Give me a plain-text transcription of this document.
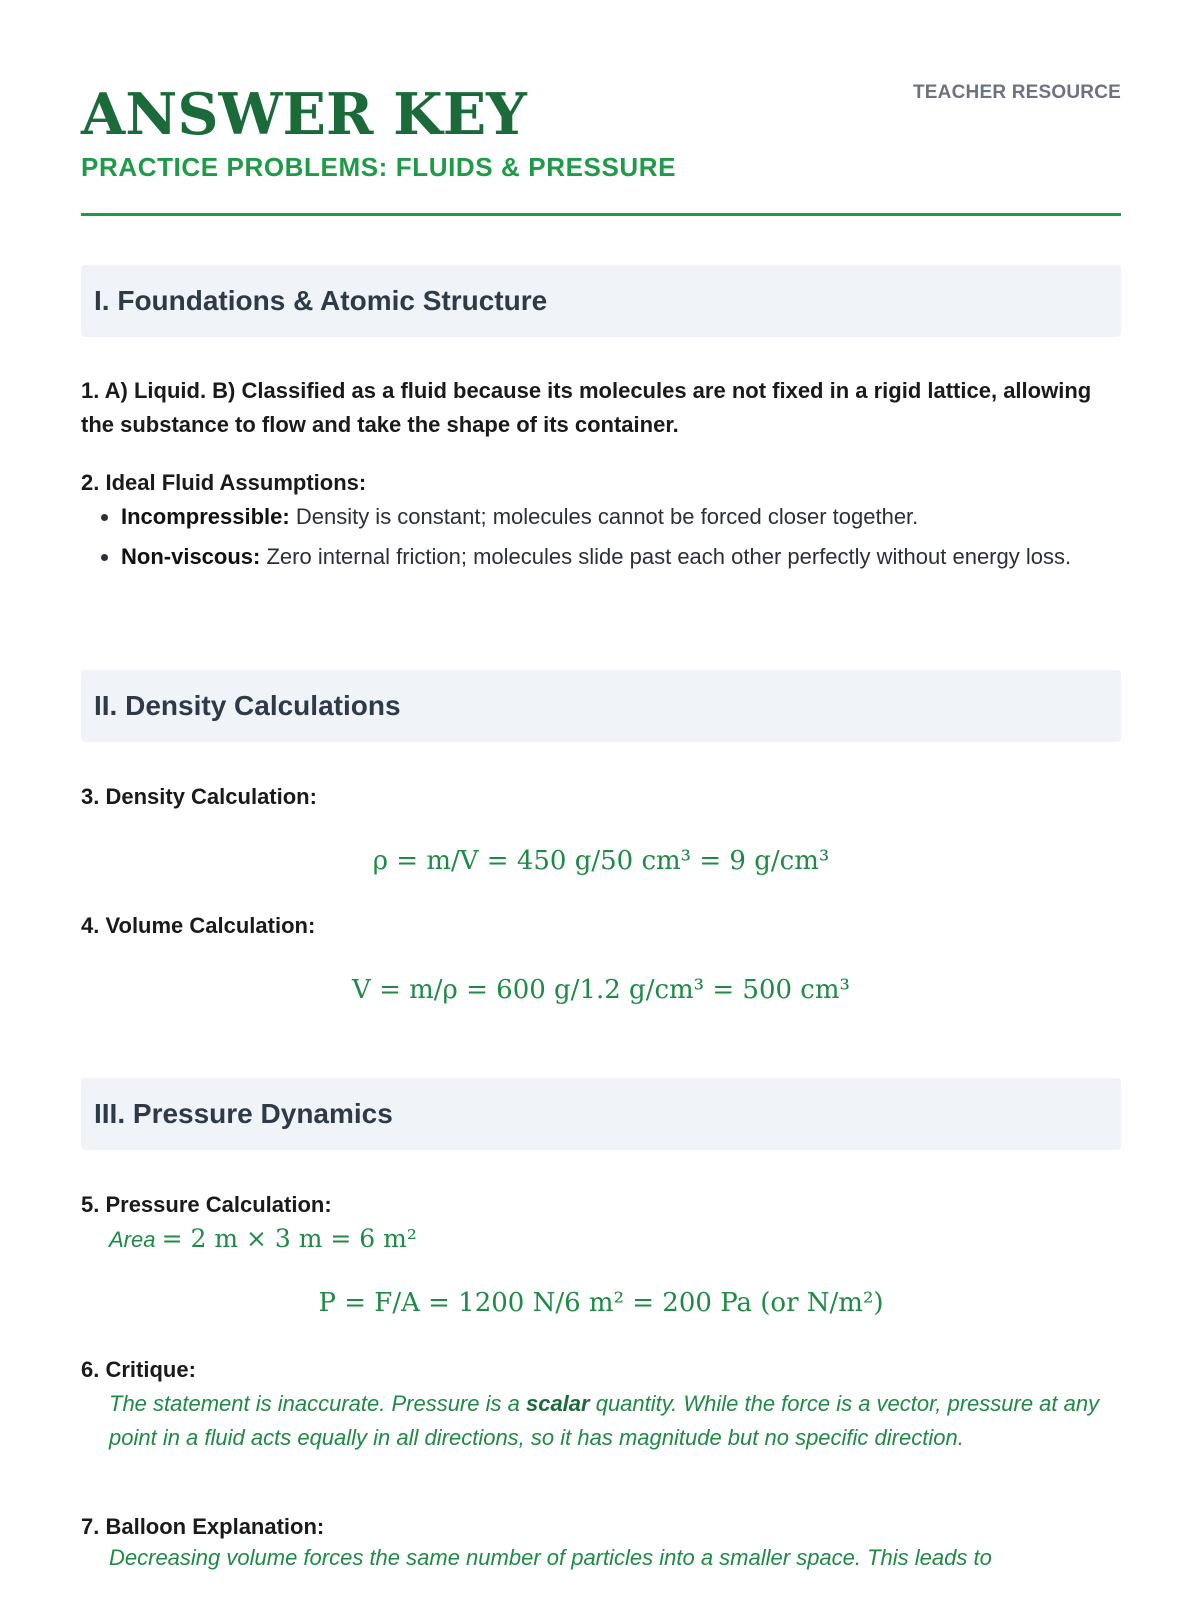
ANSWER KEY
PRACTICE PROBLEMS: FLUIDS & PRESSURE
TEACHER RESOURCE
I. Foundations & Atomic Structure
1. A) Liquid. B) Classified as a fluid because its molecules are not fixed in a rigid lattice, allowing the substance to flow and take the shape of its container.
2. Ideal Fluid Assumptions:
• Incompressible: Density is constant; molecules cannot be forced closer together.
• Non-viscous: Zero internal friction; molecules slide past each other perfectly without energy loss.
II. Density Calculations
3. Density Calculation:
ρ = m/V = 450 g/50 cm³ = 9 g/cm³
4. Volume Calculation:
V = m/ρ = 600 g/1.2 g/cm³ = 500 cm³
III. Pressure Dynamics
5. Pressure Calculation:
Area = 2 m × 3 m = 6 m²
P = F/A = 1200 N/6 m² = 200 Pa (or N/m²)
6. Critique:
The statement is inaccurate. Pressure is a scalar quantity. While the force is a vector, pressure at any point in a fluid acts equally in all directions, so it has magnitude but no specific direction.
7. Balloon Explanation:
Decreasing volume forces the same number of particles into a smaller space. This leads to
